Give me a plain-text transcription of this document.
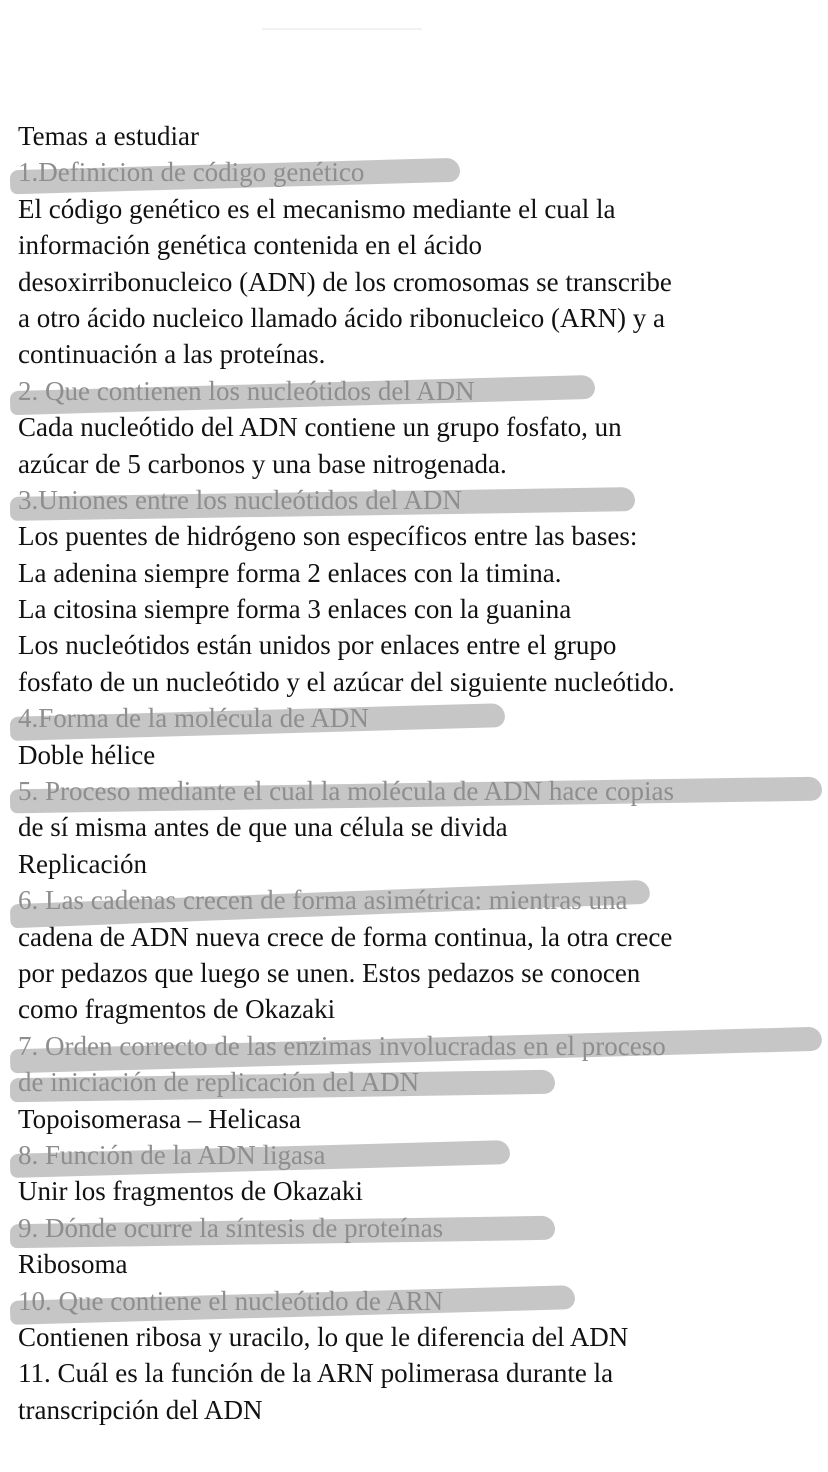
Temas a estudiar
1.Definicion de código genético
El código genético es el mecanismo mediante el cual la
información genética contenida en el ácido
desoxirribonucleico (ADN) de los cromosomas se transcribe
a otro ácido nucleico llamado ácido ribonucleico (ARN) y a
continuación a las proteínas.
2. Que contienen los nucleótidos del ADN
Cada nucleótido del ADN contiene un grupo fosfato, un
azúcar de 5 carbonos y una base nitrogenada.
3.Uniones entre los nucleótidos del ADN
Los puentes de hidrógeno son específicos entre las bases:
La adenina siempre forma 2 enlaces con la timina.
La citosina siempre forma 3 enlaces con la guanina
Los nucleótidos están unidos por enlaces entre el grupo
fosfato de un nucleótido y el azúcar del siguiente nucleótido.
4.Forma de la molécula de ADN
Doble hélice
5. Proceso mediante el cual la molécula de ADN hace copias
de sí misma antes de que una célula se divida
Replicación
6. Las cadenas crecen de forma asimétrica: mientras una
cadena de ADN nueva crece de forma continua, la otra crece
por pedazos que luego se unen. Estos pedazos se conocen
como fragmentos de Okazaki
7. Orden correcto de las enzimas involucradas en el proceso
de iniciación de replicación del ADN
Topoisomerasa – Helicasa
8. Función de la ADN ligasa
Unir los fragmentos de Okazaki
9. Dónde ocurre la síntesis de proteínas
Ribosoma
10. Que contiene el nucleótido de ARN
Contienen ribosa y uracilo, lo que le diferencia del ADN
11. Cuál es la función de la ARN polimerasa durante la
transcripción del ADN
